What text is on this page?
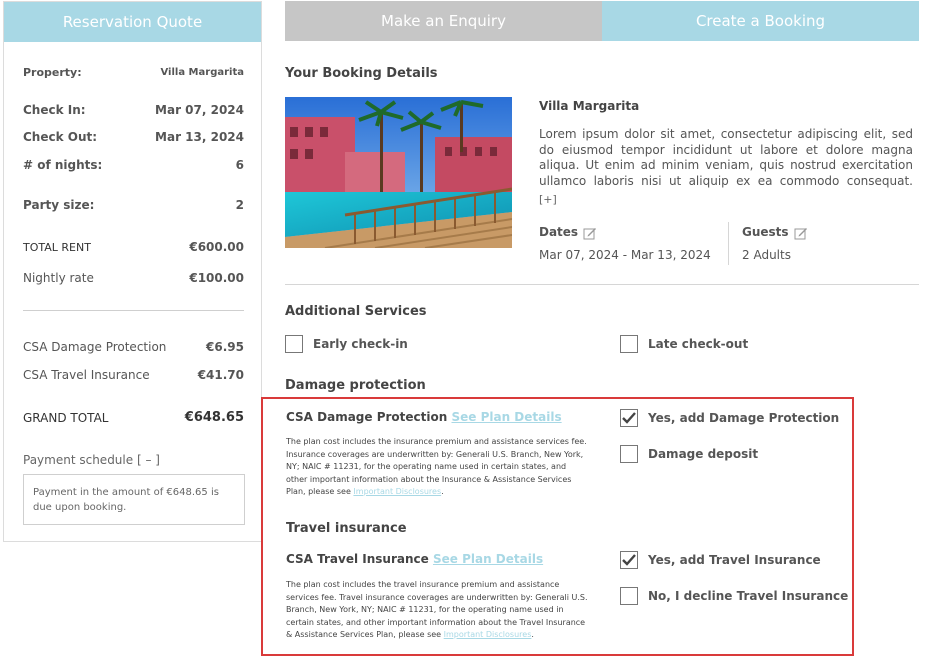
Reservation Quote
Property:	Villa Margarita
Check In:	Mar 07, 2024
Check Out:	Mar 13, 2024
# of nights:	6
Party size:	2
TOTAL RENT	€600.00
Nightly rate	€100.00
CSA Damage Protection	€6.95
CSA Travel Insurance	€41.70
GRAND TOTAL	€648.65
Payment schedule [ – ]
Payment in the amount of €648.65 is due upon booking.
Make an Enquiry	Create a Booking
Your Booking Details
Villa Margarita
Lorem ipsum dolor sit amet, consectetur adipiscing elit, sed do eiusmod tempor incididunt ut labore et dolore magna aliqua. Ut enim ad minim veniam, quis nostrud exercitation ullamco laboris nisi ut aliquip ex ea commodo consequat.
[+]
Dates
Mar 07, 2024 - Mar 13, 2024
Guests
2 Adults
Additional Services
Early check-in	Late check-out
Damage protection
CSA Damage Protection See Plan Details
The plan cost includes the insurance premium and assistance services fee. Insurance coverages are underwritten by: Generali U.S. Branch, New York, NY; NAIC # 11231, for the operating name used in certain states, and other important information about the Insurance & Assistance Services Plan, please see Important Disclosures.
Yes, add Damage Protection
Damage deposit
Travel insurance
CSA Travel Insurance See Plan Details
The plan cost includes the travel insurance premium and assistance services fee. Travel insurance coverages are underwritten by: Generali U.S. Branch, New York, NY; NAIC # 11231, for the operating name used in certain states, and other important information about the Travel Insurance & Assistance Services Plan, please see Important Disclosures.
Yes, add Travel Insurance
No, I decline Travel Insurance
